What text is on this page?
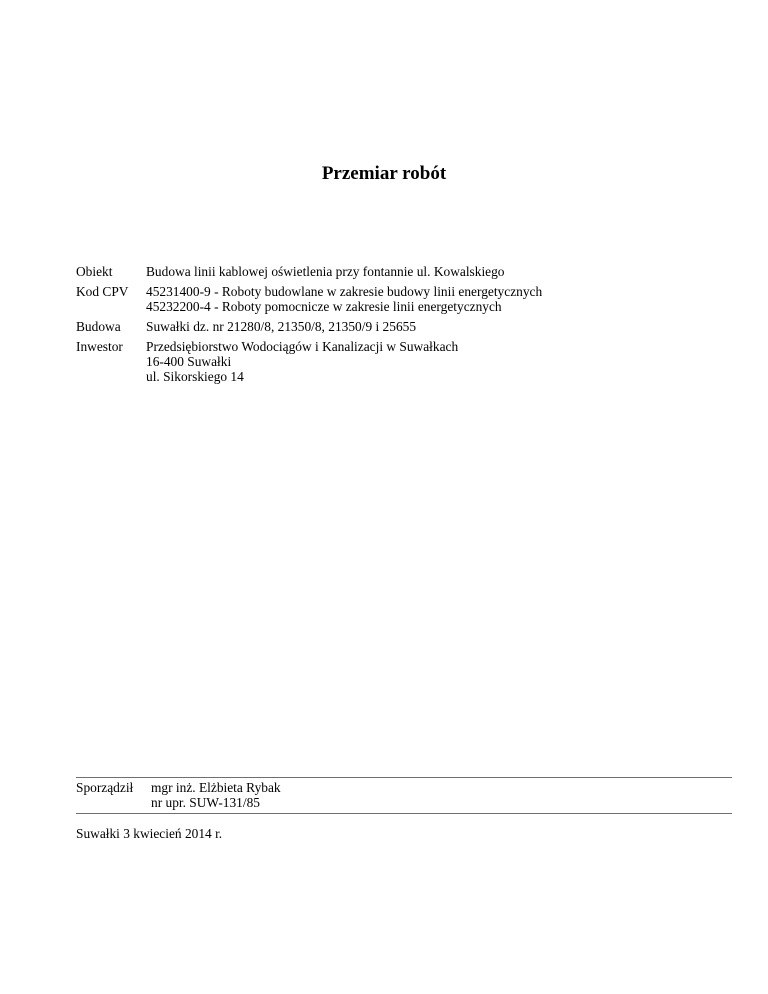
Przemiar robót
Obiekt	Budowa linii kablowej oświetlenia przy fontannie ul. Kowalskiego
Kod CPV	45231400-9 - Roboty budowlane w zakresie budowy linii energetycznych
45232200-4 - Roboty pomocnicze w zakresie linii energetycznych
Budowa	Suwałki dz. nr 21280/8, 21350/8, 21350/9 i 25655
Inwestor	Przedsiębiorstwo Wodociągów i Kanalizacji w Suwałkach
16-400 Suwałki
ul. Sikorskiego 14
Sporządził	mgr inż. Elżbieta Rybak
nr upr. SUW-131/85
Suwałki 3 kwiecień 2014 r.
